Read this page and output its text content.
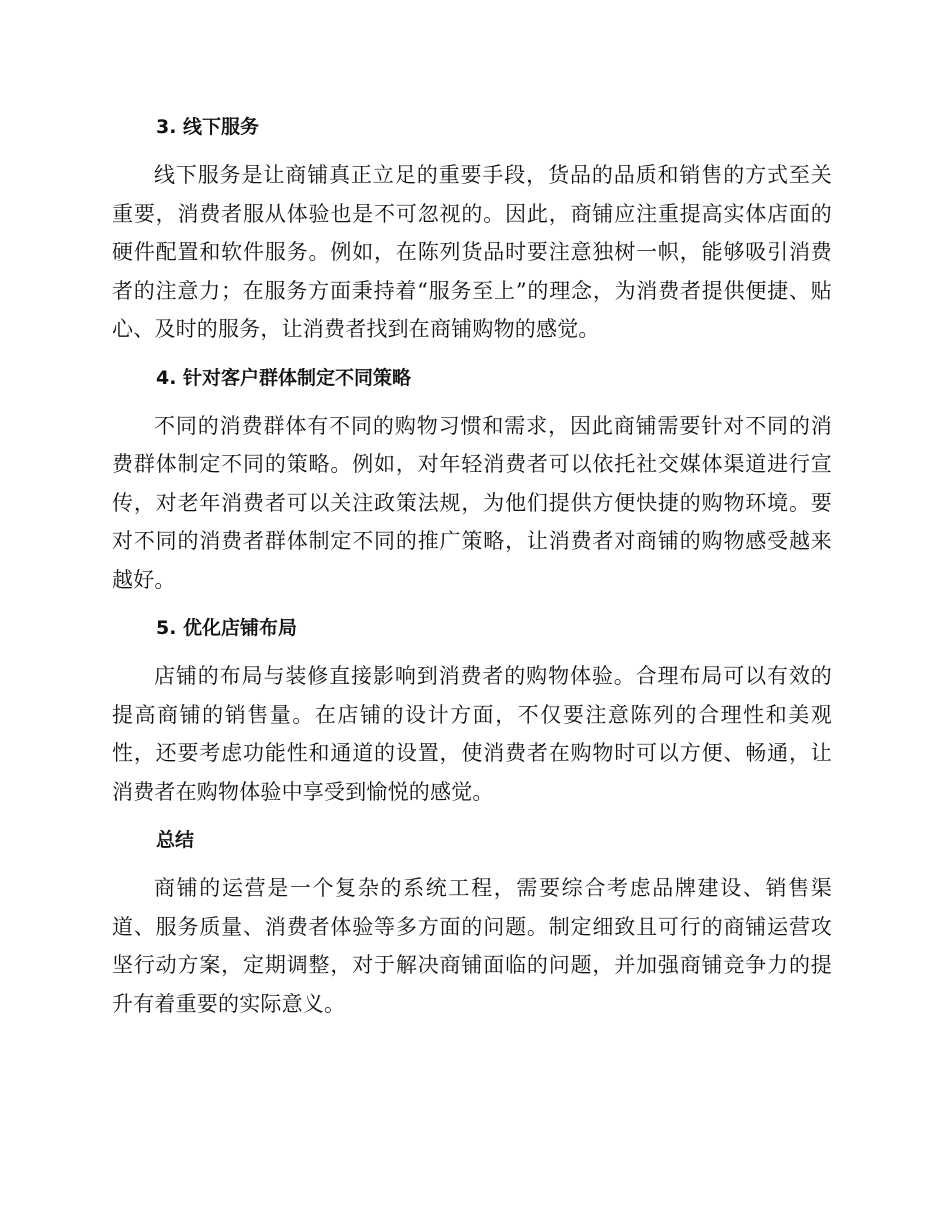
3. 线下服务

线下服务是让商铺真正立足的重要手段，货品的品质和销售的方式至关重要，消费者服从体验也是不可忽视的。因此，商铺应注重提高实体店面的硬件配置和软件服务。例如，在陈列货品时要注意独树一帜，能够吸引消费者的注意力；在服务方面秉持着“服务至上”的理念，为消费者提供便捷、贴心、及时的服务，让消费者找到在商铺购物的感觉。

4. 针对客户群体制定不同策略

不同的消费群体有不同的购物习惯和需求，因此商铺需要针对不同的消费群体制定不同的策略。例如，对年轻消费者可以依托社交媒体渠道进行宣传，对老年消费者可以关注政策法规，为他们提供方便快捷的购物环境。要对不同的消费者群体制定不同的推广策略，让消费者对商铺的购物感受越来越好。

5. 优化店铺布局

店铺的布局与装修直接影响到消费者的购物体验。合理布局可以有效的提高商铺的销售量。在店铺的设计方面，不仅要注意陈列的合理性和美观性，还要考虑功能性和通道的设置，使消费者在购物时可以方便、畅通，让消费者在购物体验中享受到愉悦的感觉。

总结

商铺的运营是一个复杂的系统工程，需要综合考虑品牌建设、销售渠道、服务质量、消费者体验等多方面的问题。制定细致且可行的商铺运营攻坚行动方案，定期调整，对于解决商铺面临的问题，并加强商铺竞争力的提升有着重要的实际意义。
